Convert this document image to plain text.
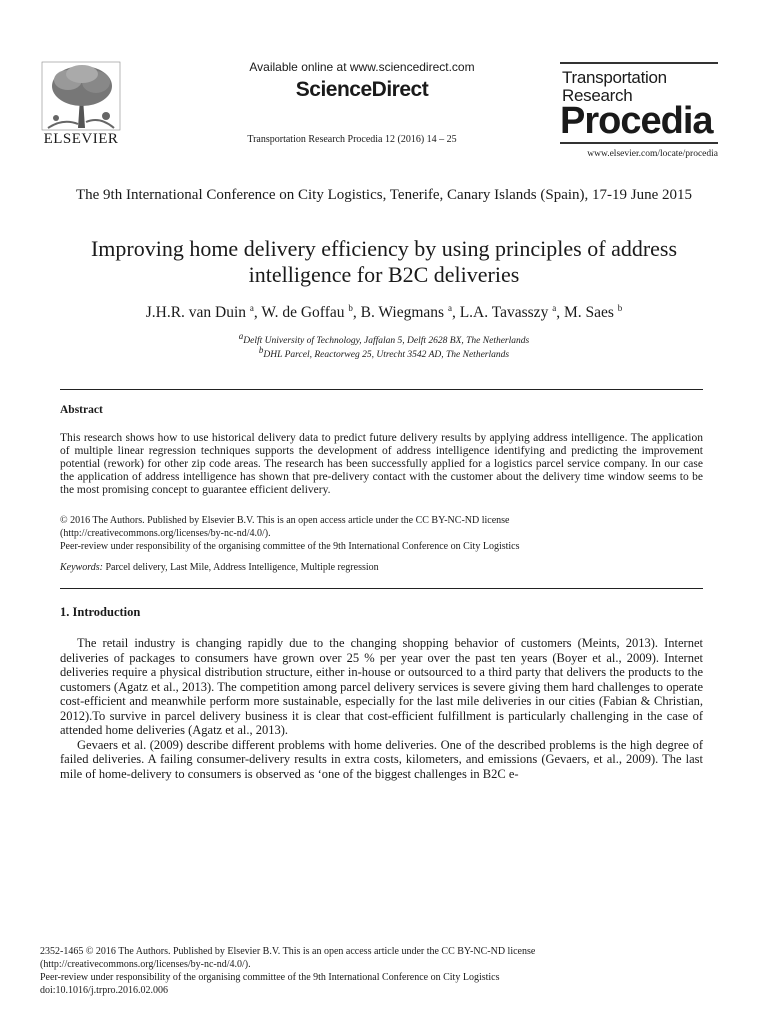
ELSEVIER
Available online at www.sciencedirect.com
ScienceDirect
Transportation Research Procedia 12 (2016) 14 – 25
Transportation
Research
Procedia
www.elsevier.com/locate/procedia
The 9th International Conference on City Logistics, Tenerife, Canary Islands (Spain), 17-19 June 2015
Improving home delivery efficiency by using principles of address intelligence for B2C deliveries
J.H.R. van Duin $^a$, W. de Goffau $^b$, B. Wiegmans $^a$, L.A. Tavasszy $^a$, M. Saes $^b$
$^a$Delft University of Technology, Jaffalan 5, Delft 2628 BX, The Netherlands
$^b$DHL Parcel, Reactorweg 25, Utrecht 3542 AD, The Netherlands
Abstract
This research shows how to use historical delivery data to predict future delivery results by applying address intelligence. The application of multiple linear regression techniques supports the development of address intelligence identifying and predicting the improvement potential (rework) for other zip code areas. The research has been successfully applied for a logistics parcel service company. In our case the application of address intelligence has shown that pre-delivery contact with the customer about the delivery time window seems to be the most promising concept to guarantee efficient delivery.
© 2016 The Authors. Published by Elsevier B.V. This is an open access article under the CC BY-NC-ND license
(http://creativecommons.org/licenses/by-nc-nd/4.0/).
Peer-review under responsibility of the organising committee of the 9th International Conference on City Logistics
Keywords: Parcel delivery, Last Mile, Address Intelligence, Multiple regression
1. Introduction

The retail industry is changing rapidly due to the changing shopping behavior of customers (Meints, 2013). Internet deliveries of packages to consumers have grown over 25 % per year over the past ten years (Boyer et al., 2009). Internet deliveries require a physical distribution structure, either in-house or outsourced to a third party that delivers the products to the customers (Agatz et al., 2013). The competition among parcel delivery services is severe giving them hard challenges to operate cost-efficient and meanwhile perform more sustainable, especially for the last mile deliveries in our cities (Fabian & Christian, 2012).To survive in parcel delivery business it is clear that cost-efficient fulfillment is particularly challenging in the case of attended home deliveries (Agatz et al., 2013).

Gevaers et al. (2009) describe different problems with home deliveries. One of the described problems is the high degree of failed deliveries. A failing consumer-delivery results in extra costs, kilometers, and emissions (Gevaers, et al., 2009). The last mile of home-delivery to consumers is observed as ‘one of the biggest challenges in B2C e-

2352-1465 © 2016 The Authors. Published by Elsevier B.V. This is an open access article under the CC BY-NC-ND license
(http://creativecommons.org/licenses/by-nc-nd/4.0/).
Peer-review under responsibility of the organising committee of the 9th International Conference on City Logistics
doi:10.1016/j.trpro.2016.02.006
